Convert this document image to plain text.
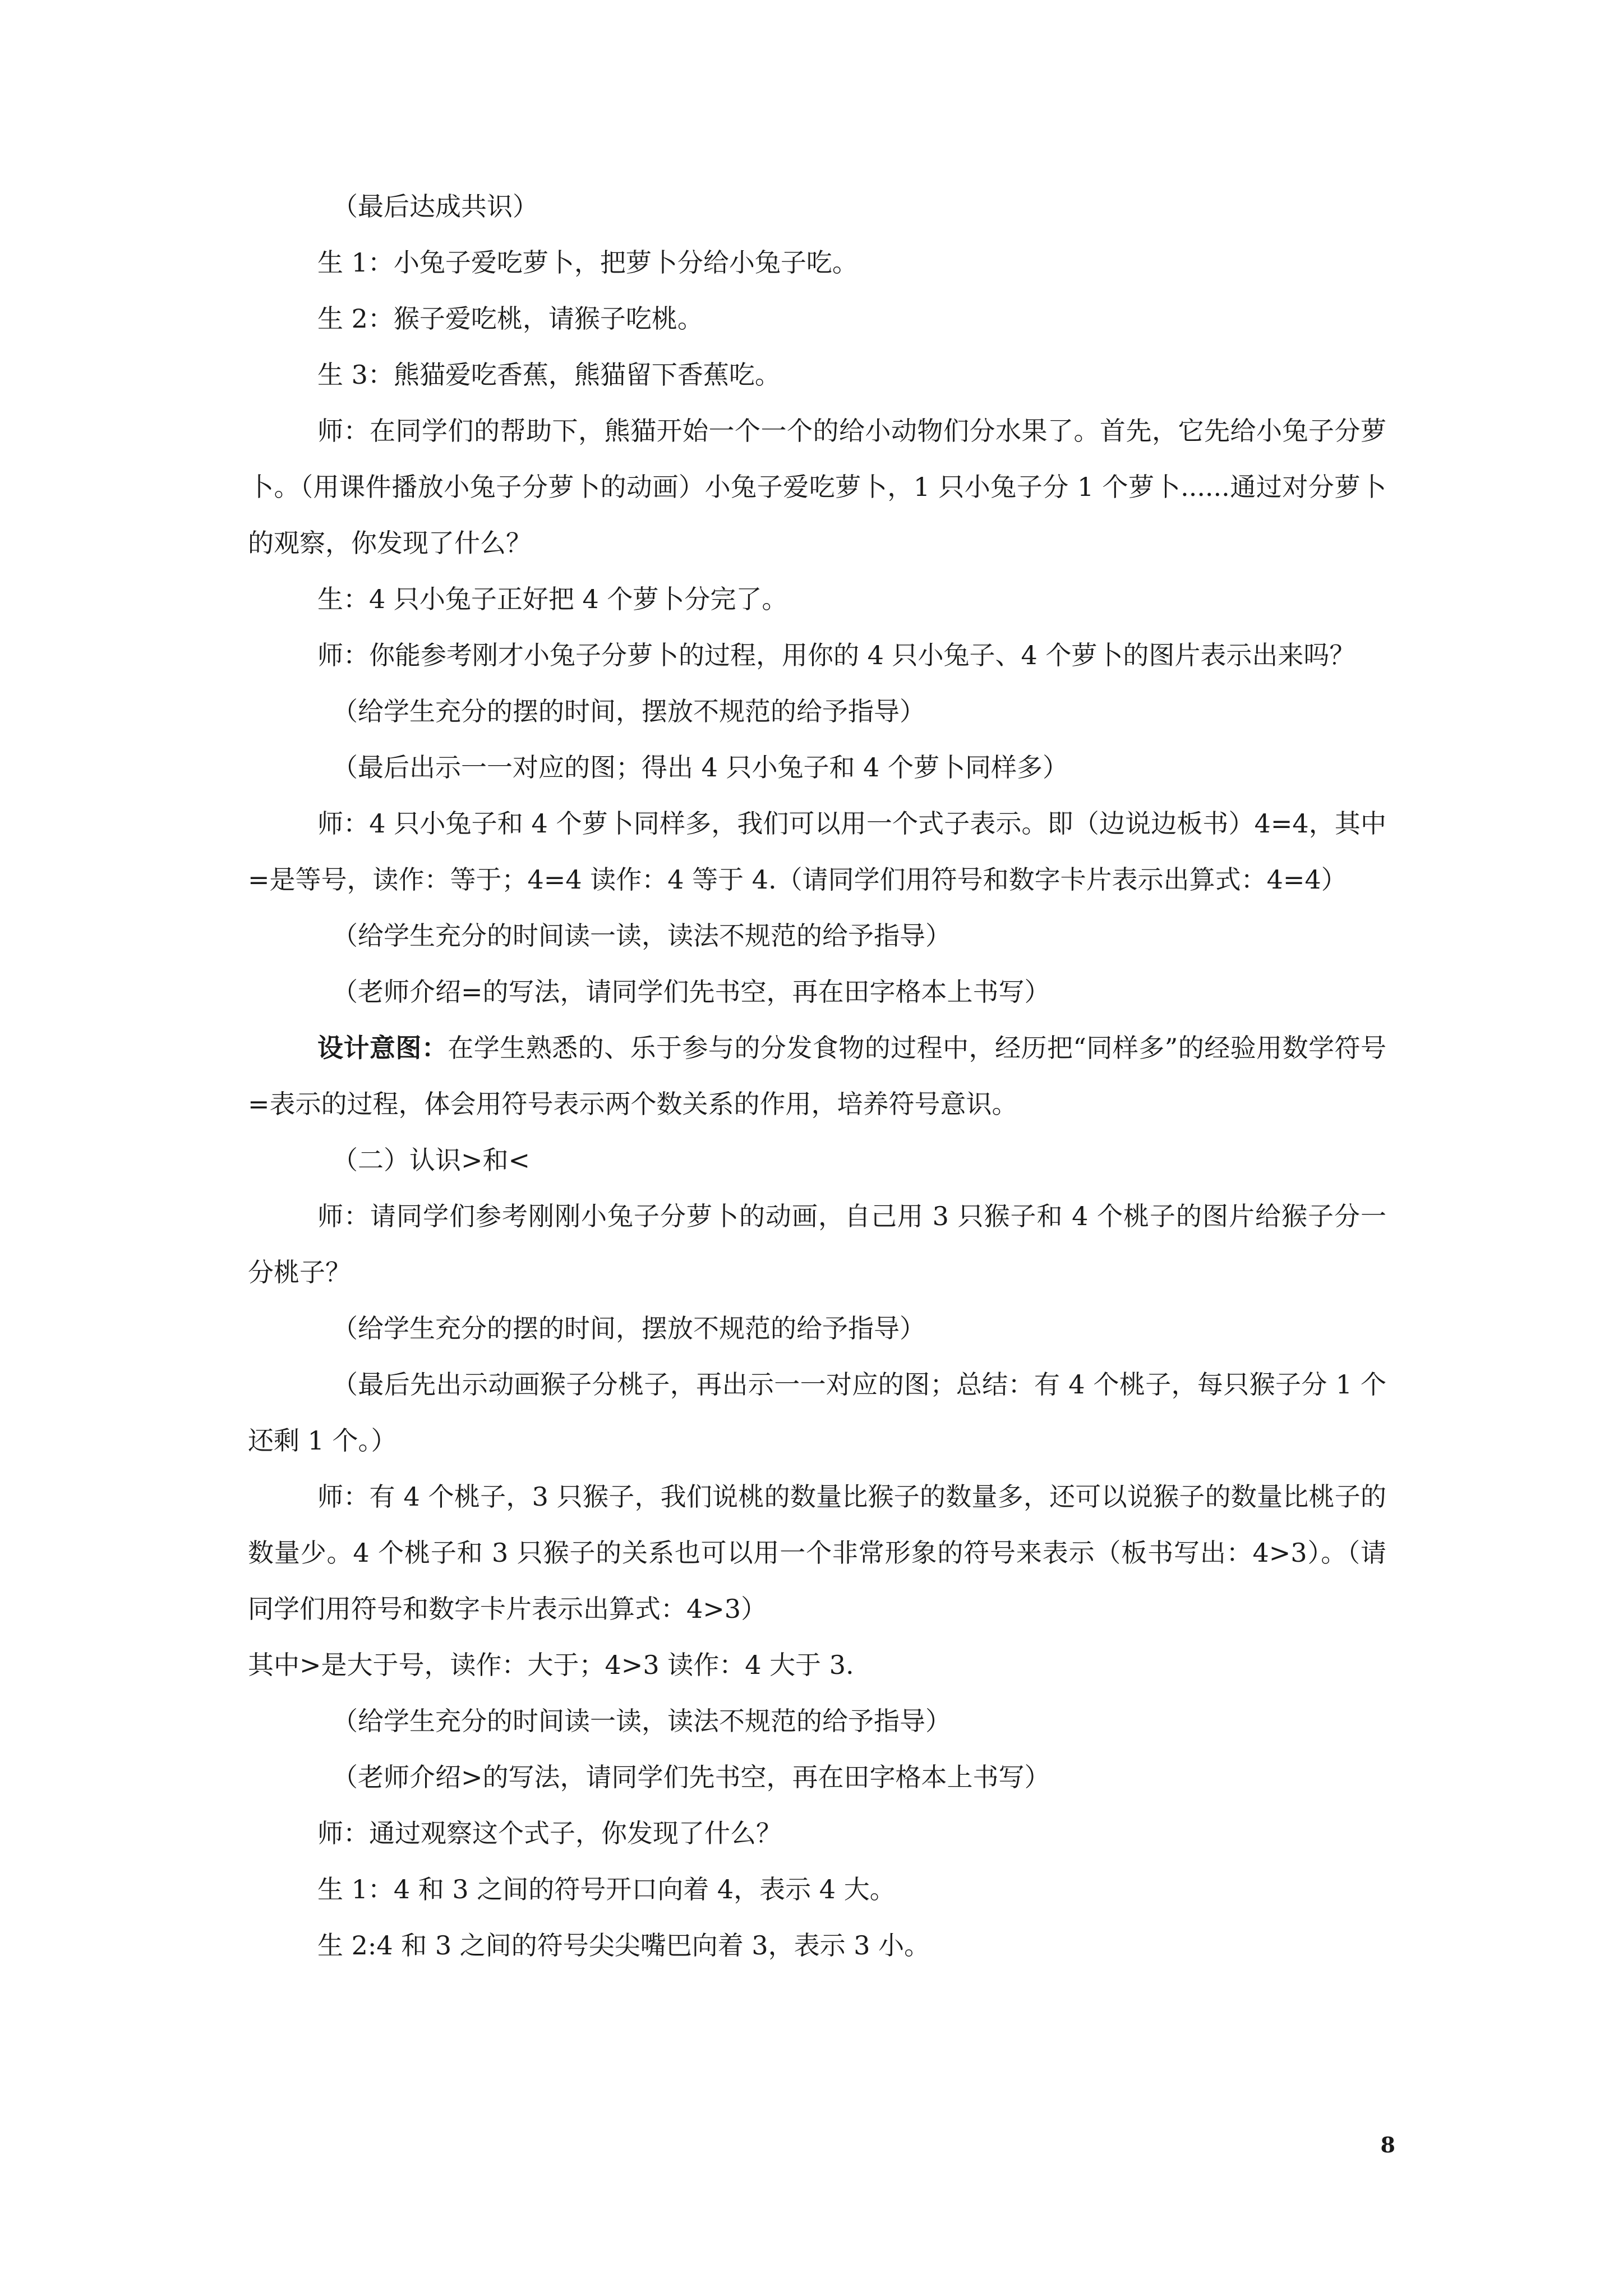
（最后达成共识）

生 1：小兔子爱吃萝卜，把萝卜分给小兔子吃。

生 2：猴子爱吃桃，请猴子吃桃。

生 3：熊猫爱吃香蕉，熊猫留下香蕉吃。

师：在同学们的帮助下，熊猫开始一个一个的给小动物们分水果了。首先，它先给小兔子分萝卜。（用课件播放小兔子分萝卜的动画）小兔子爱吃萝卜，1 只小兔子分 1 个萝卜......通过对分萝卜的观察，你发现了什么？

生：4 只小兔子正好把 4 个萝卜分完了。

师：你能参考刚才小兔子分萝卜的过程，用你的 4 只小兔子、4 个萝卜的图片表示出来吗？

（给学生充分的摆的时间，摆放不规范的给予指导）

（最后出示一一对应的图；得出 4 只小兔子和 4 个萝卜同样多）

师：4 只小兔子和 4 个萝卜同样多，我们可以用一个式子表示。即（边说边板书）4=4，其中=是等号，读作：等于；4=4 读作：4 等于 4.（请同学们用符号和数字卡片表示出算式：4=4）

（给学生充分的时间读一读，读法不规范的给予指导）

（老师介绍=的写法，请同学们先书空，再在田字格本上书写）

设计意图：在学生熟悉的、乐于参与的分发食物的过程中，经历把“同样多”的经验用数学符号=表示的过程，体会用符号表示两个数关系的作用，培养符号意识。

（二）认识>和<

师：请同学们参考刚刚小兔子分萝卜的动画，自己用 3 只猴子和 4 个桃子的图片给猴子分一分桃子？

（给学生充分的摆的时间，摆放不规范的给予指导）

（最后先出示动画猴子分桃子，再出示一一对应的图；总结：有 4 个桃子，每只猴子分 1 个还剩 1 个。）

师：有 4 个桃子，3 只猴子，我们说桃的数量比猴子的数量多，还可以说猴子的数量比桃子的数量少。4 个桃子和 3 只猴子的关系也可以用一个非常形象的符号来表示（板书写出：4>3）。（请同学们用符号和数字卡片表示出算式：4>3）

其中>是大于号，读作：大于；4>3 读作：4 大于 3.

（给学生充分的时间读一读，读法不规范的给予指导）

（老师介绍>的写法，请同学们先书空，再在田字格本上书写）

师：通过观察这个式子，你发现了什么？

生 1：4 和 3 之间的符号开口向着 4，表示 4 大。

生 2:4 和 3 之间的符号尖尖嘴巴向着 3，表示 3 小。

8
